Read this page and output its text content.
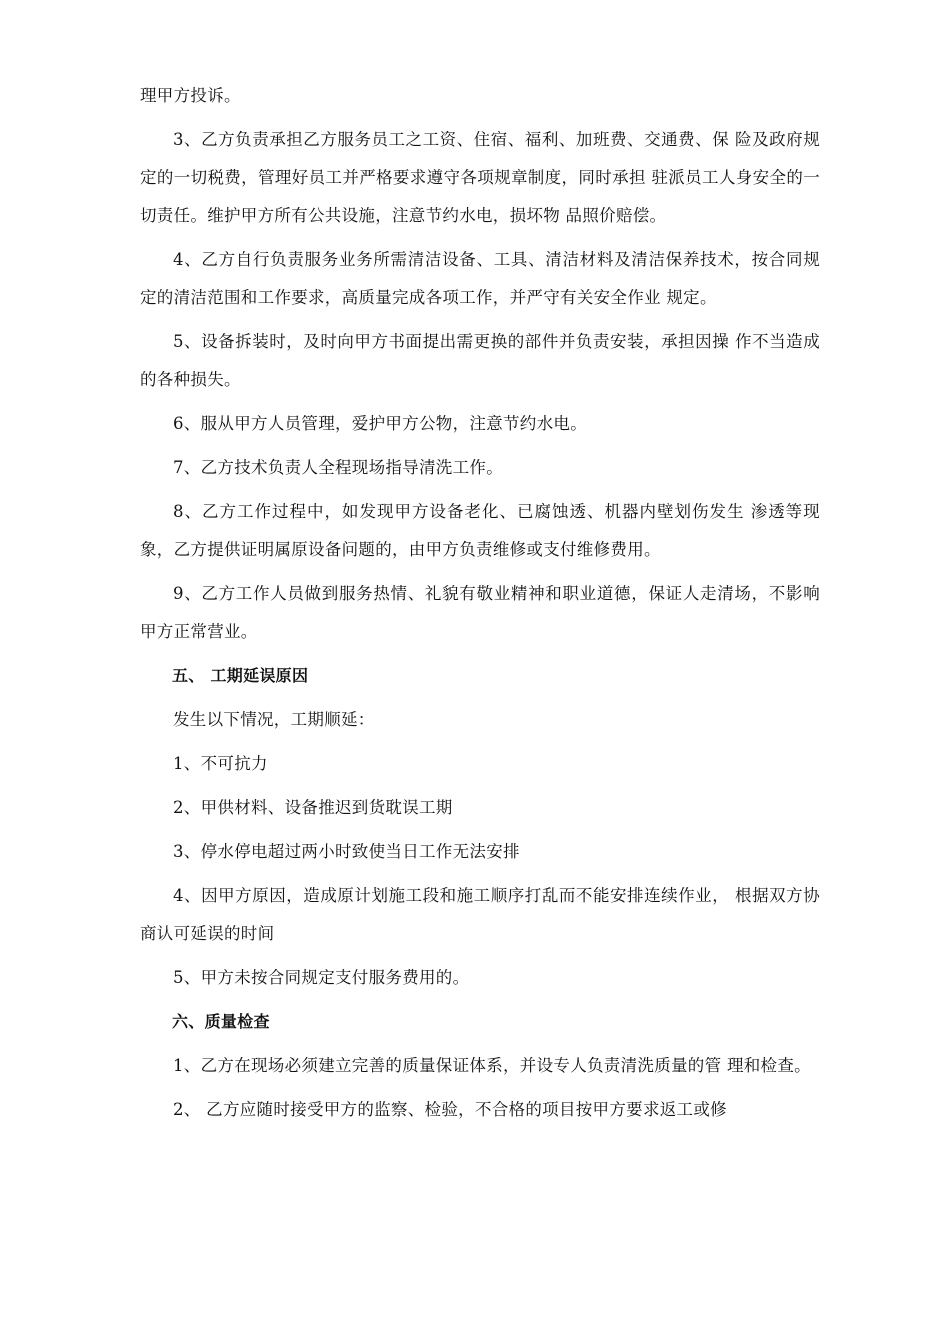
理甲方投诉。

3、乙方负责承担乙方服务员工之工资、住宿、福利、加班费、交通费、保 险及政府规定的一切税费，管理好员工并严格要求遵守各项规章制度，同时承担 驻派员工人身安全的一切责任。维护甲方所有公共设施，注意节约水电，损坏物 品照价赔偿。

4、乙方自行负责服务业务所需清洁设备、工具、清洁材料及清洁保养技术，按合同规定的清洁范围和工作要求，高质量完成各项工作，并严守有关安全作业 规定。

5、设备拆装时，及时向甲方书面提出需更换的部件并负责安装，承担因操 作不当造成的各种损失。

6、服从甲方人员管理，爱护甲方公物，注意节约水电。

7、乙方技术负责人全程现场指导清洗工作。

8、乙方工作过程中，如发现甲方设备老化、已腐蚀透、机器内壁划伤发生 渗透等现象，乙方提供证明属原设备问题的，由甲方负责维修或支付维修费用。

9、乙方工作人员做到服务热情、礼貌有敬业精神和职业道德，保证人走清场，不影响甲方正常营业。

五、 工期延误原因

发生以下情况，工期顺延：

1、不可抗力

2、甲供材料、设备推迟到货耽误工期

3、停水停电超过两小时致使当日工作无法安排

4、因甲方原因，造成原计划施工段和施工顺序打乱而不能安排连续作业， 根据双方协商认可延误的时间

5、甲方未按合同规定支付服务费用的。

六、质量检查

1、乙方在现场必须建立完善的质量保证体系，并设专人负责清洗质量的管 理和检查。

2、 乙方应随时接受甲方的监察、检验，不合格的项目按甲方要求返工或修
